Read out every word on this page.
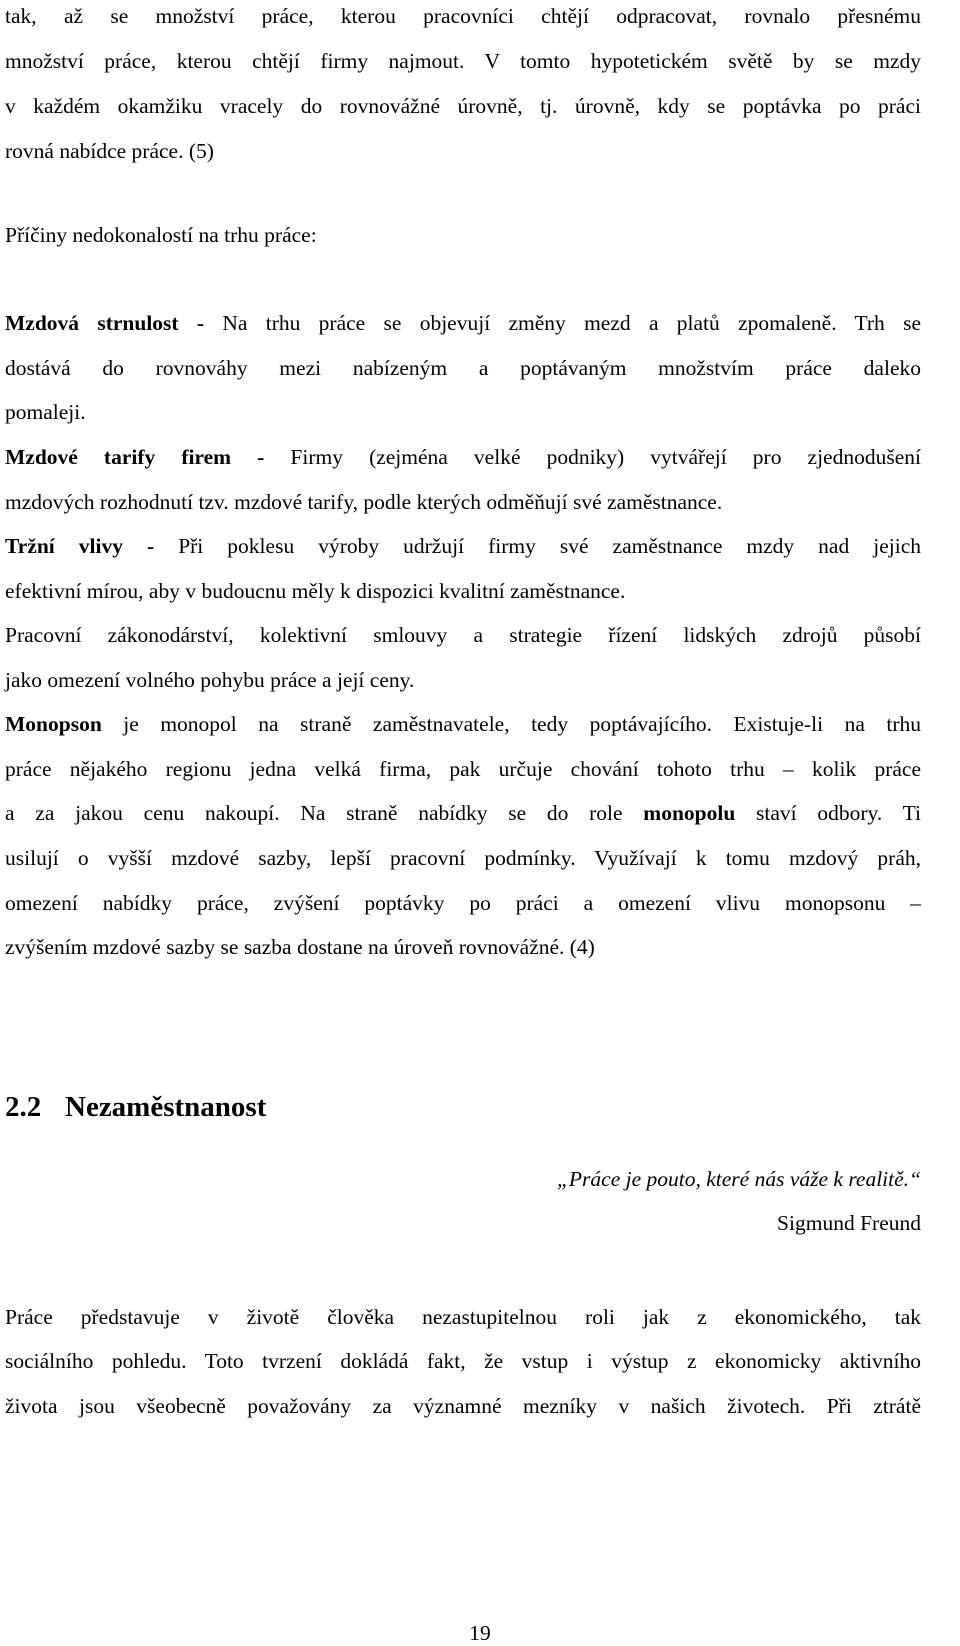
tak, až se množství práce, kterou pracovníci chtějí odpracovat, rovnalo přesnému
množství práce, kterou chtějí firmy najmout. V tomto hypotetickém světě by se mzdy
v každém okamžiku vracely do rovnovážné úrovně, tj. úrovně, kdy se poptávka po práci
rovná nabídce práce. (5)
Příčiny nedokonalostí na trhu práce:
Mzdová strnulost - Na trhu práce se objevují změny mezd a platů zpomaleně. Trh se
dostává do rovnováhy mezi nabízeným a poptávaným množstvím práce daleko
pomaleji.
Mzdové tarify firem - Firmy (zejména velké podniky) vytvářejí pro zjednodušení
mzdových rozhodnutí tzv. mzdové tarify, podle kterých odměňují své zaměstnance.
Tržní vlivy - Při poklesu výroby udržují firmy své zaměstnance mzdy nad jejich
efektivní mírou, aby v budoucnu měly k dispozici kvalitní zaměstnance.
Pracovní zákonodárství, kolektivní smlouvy a strategie řízení lidských zdrojů působí
jako omezení volného pohybu práce a její ceny.
Monopson je monopol na straně zaměstnavatele, tedy poptávajícího. Existuje-li na trhu
práce nějakého regionu jedna velká firma, pak určuje chování tohoto trhu – kolik práce
a za jakou cenu nakoupí. Na straně nabídky se do role monopolu staví odbory. Ti
usilují o vyšší mzdové sazby, lepší pracovní podmínky. Využívají k tomu mzdový práh,
omezení nabídky práce, zvýšení poptávky po práci a omezení vlivu monopsonu –
zvýšením mzdové sazby se sazba dostane na úroveň rovnovážné. (4)
2.2 Nezaměstnanost
„Práce je pouto, které nás váže k realitě.“
Sigmund Freund
Práce představuje v životě člověka nezastupitelnou roli jak z ekonomického, tak
sociálního pohledu. Toto tvrzení dokládá fakt, že vstup i výstup z ekonomicky aktivního
života jsou všeobecně považovány za významné mezníky v našich životech. Při ztrátě
19
